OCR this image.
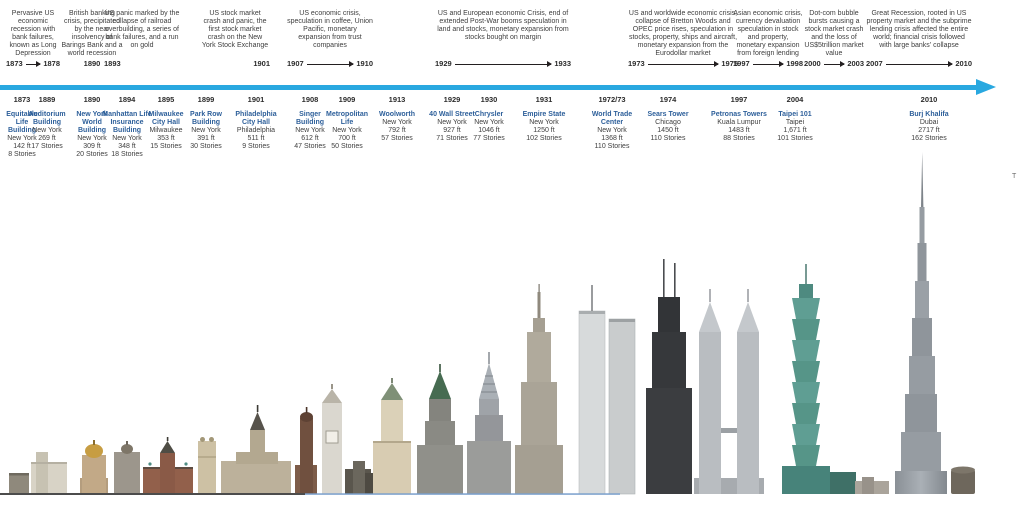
Pervasive US economic recession with bank failures, known as Long Depression
1873	1878
British banking crisis, precipitated by the near insolvency of Barings Bank and a world recession
1890
US panic marked by the collapse of railroad overbuilding, a series of bank failures, and a run on gold
1893
US stock market crash and panic, the first stock market crash on the New York Stock Exchange
1901
US economic crisis, speculation in coffee, Union Pacific, monetary expansion from trust companies
1907	1910
US and European economic Crisis, end of extended Post-War booms speculation in land and stocks, monetary expansion from stocks bought on margin
1929	1933
US and worldwide economic crisis, collapse of Bretton Woods and OPEC price rises, speculation in stocks, property, ships and aircraft, monetary expansion from the Eurodollar market
1973	1975
Asian economic crisis, currency devaluation speculation in stock and property, monetary expansion from foreign lending
1997	1998
Dot-com bubble bursts causing a stock market crash and the loss of US$5trillion market value
2000	2003
Great Recession, rooted in US property market and the subprime lending crisis affected the entire world; financial crisis followed with large banks' collapse
2007	2010
1873
Equitable Life Building
New York
142 ft
8 Stories
1889
Auditorium Building
New York
269 ft
17 Stories
1890
New York World Building
New York
309 ft
20 Stories
1894
Manhattan Life Insurance Building
New York
348 ft
18 Stories
1895
Milwaukee City Hall
Milwaukee
353 ft
15 Stories
1899
Park Row Building
New York
391 ft
30 Stories
1901
Philadelphia City Hall
Philadelphia
511 ft
9 Stories
1908
Singer Building
New York
612 ft
47 Stories
1909
Metropolitan Life
New York
700 ft
50 Stories
1913
Woolworth
New York
792 ft
57 Stories
1929
40 Wall Street
New York
927 ft
71 Stories
1930
Chrysler
New York
1046 ft
77 Stories
1931
Empire State
New York
1250 ft
102 Stories
1972/73
World Trade Center
New York
1368 ft
110 Stories
1974
Sears Tower
Chicago
1450 ft
110 Stories
1997
Petronas Towers
Kuala Lumpur
1483 ft
88 Stories
2004
Taipei 101
Taipei
1,671 ft
101 Stories
2010
Burj Khalifa
Dubai
2717 ft
162 Stories
T
